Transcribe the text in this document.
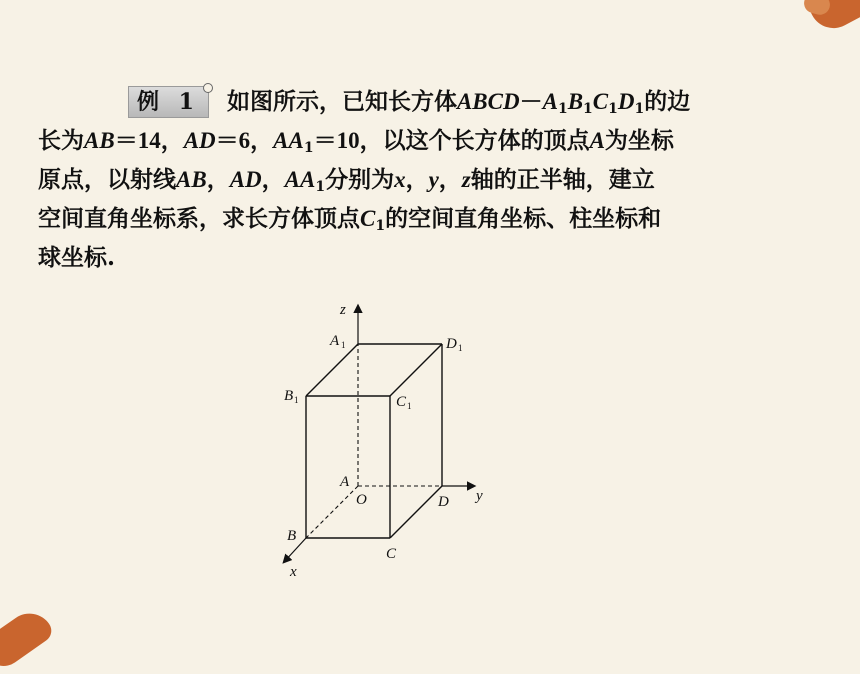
例 1 如图所示，已知长方体$ABCD-A_1B_1C_1D_1$的边
长为AB＝14，AD＝6，$AA_1=10$，以这个长方体的顶点A为坐标
原点，以射线AB，AD，$AA_1$分别为x，y，z轴的正半轴，建立
空间直角坐标系，求长方体顶点$C_1$的空间直角坐标、柱坐标和
球坐标.
z
y
x
O
A
B
C
D
A 1	D 1
B 1	C 1
